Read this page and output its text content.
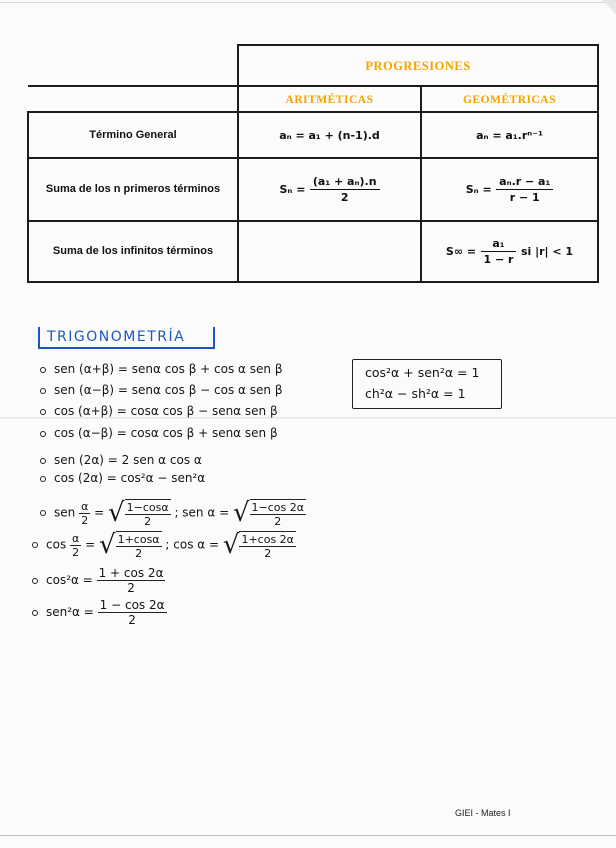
	PROGRESIONES	
	ARITMÉTICAS	GEOMÉTRICAS
Término General	aₙ = a₁ + (n-1).d	aₙ = a₁.rⁿ⁻¹
Suma de los n primeros términos	$S_n = \frac{\text{(a₁ + aₙ).n}}{2}$	$S_n = \frac{\text{aₙ.r − a₁}}{r - 1}$

Suma de los infinitos términos		$S\infty = \frac{\text{a₁}}{1 - r}$ si |r| < 1
TRIGONOMETRÍA
cos²α + sen²α = 1
ch²α − sh²α = 1
sen (α+β) = senα cos β + cos α sen β
sen (α−β) = senα cos β − cos α sen β
cos (α+β) = cosα cos β − senα sen β
cos (α−β) = cosα cos β + senα sen β
sen (2α) = 2 sen α cos α
cos (2α) = cos²α − sen²α
sen $\frac{\alpha}{2}$ = √ $\frac{1-\cos\alpha}{2}$ ; sen α = √ $\frac{1-\cos 2\alpha}{2}$
$\cos \frac{\alpha}{2}$ = √ $\frac{1+\cos\alpha}{2}$ ; cos α = √ $\frac{1+\cos 2\alpha}{2}$
$\cos^2\alpha = \frac{1 + \cos 2\alpha}{2}$
$sen^2\alpha = \frac{1 - \cos 2\alpha}{2}$
GIEI - Mates I
